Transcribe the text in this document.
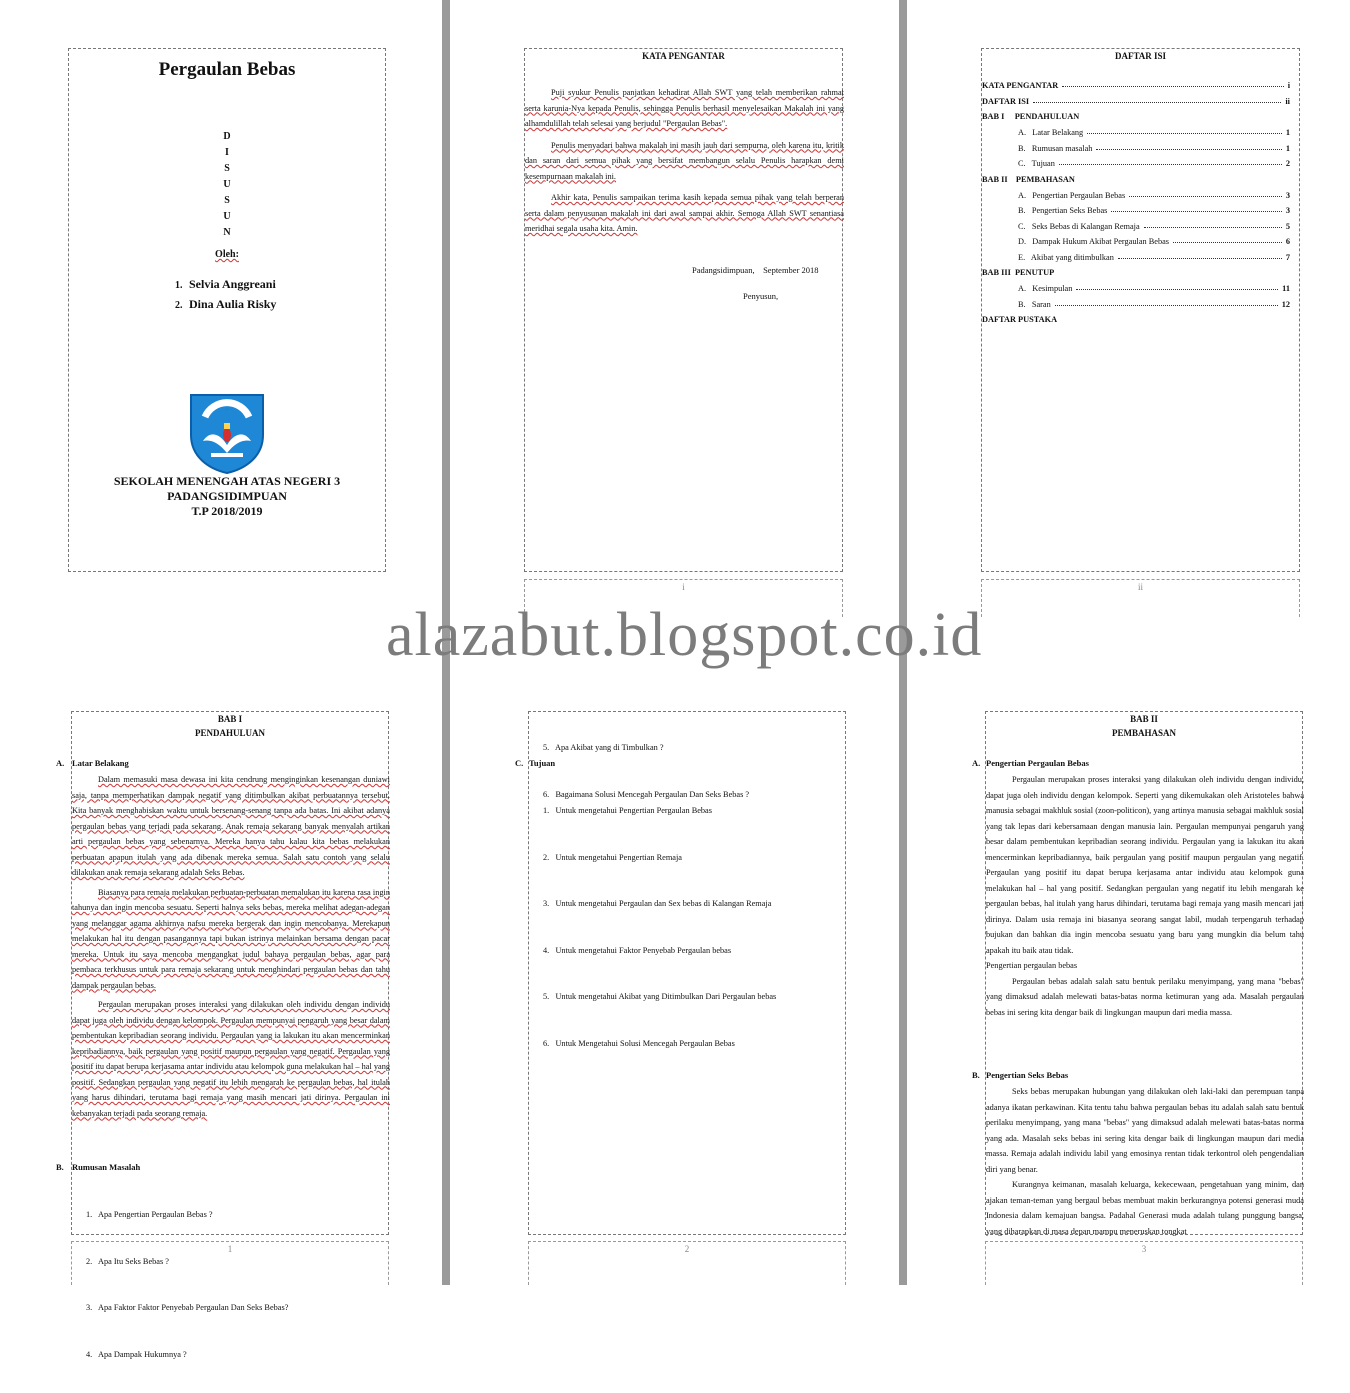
Pergaulan Bebas
D
I
S
U
S
U
N
Oleh:
1. Selvia Anggreani
2. Dina Aulia Risky
·
SEKOLAH MENENGAH ATAS NEGERI 3
PADANGSIDIMPUAN
T.P 2018/2019
KATA PENGANTAR

Puji syukur Penulis panjatkan kehadirat Allah SWT yang telah memberikan rahmat serta karunia-Nya kepada Penulis, sehingga Penulis berhasil menyelesaikan Makalah ini yang alhamdulillah telah selesai yang berjudul "Pergaulan Bebas".

Penulis menyadari bahwa makalah ini masih jauh dari sempurna, oleh karena itu, kritik dan saran dari semua pihak yang bersifat membangun selalu Penulis harapkan demi kesempurnaan makalah ini.

Akhir kata, Penulis sampaikan terima kasih kepada semua pihak yang telah berperan serta dalam penyusunan makalah ini dari awal sampai akhir. Semoga Allah SWT senantiasa meridhai segala usaha kita. Amin.

Padangsidimpuan,    September 2018
Penyusun,
i
DAFTAR ISI
KATA PENGANTAR	i
DAFTAR ISI	ii
BAB I     PENDAHULUAN
A.   Latar Belakang	1
B.   Rumusan masalah	1
C.   Tujuan	2
BAB II    PEMBAHASAN
A.   Pengertian Pergaulan Bebas	3
B.   Pengertian Seks Bebas	3
C.   Seks Bebas di Kalangan Remaja	5
D.   Dampak Hukum Akibat Pergaulan Bebas	6
E.   Akibat yang ditimbulkan	7
BAB III  PENUTUP
A.   Kesimpulan	11
B.   Saran	12
DAFTAR PUSTAKA
ii
alazabut.blogspot.co.id
BAB I
PENDAHULUAN
A. Latar Belakang

Dalam memasuki masa dewasa ini kita cendrung menginginkan kesenangan duniawi saja, tanpa memperhatikan dampak negatif yang ditimbulkan akibat perbuatannya tersebut. Kita banyak menghabiskan waktu untuk bersenang-senang tanpa ada batas. Ini akibat adanya pergaulan bebas yang terjadi pada sekarang. Anak remaja sekarang banyak menyalah artikan arti pergaulan bebas yang sebenarnya. Mereka hanya tahu kalau kita bebas melakukan perbuatan apapun itulah yang ada dibenak mereka semua. Salah satu contoh yang selalu dilakukan anak remaja sekarang adalah Seks Bebas.

Biasanya para remaja melakukan perbuatan-perbuatan memalukan itu karena rasa ingin tahunya dan ingin mencoba sesuatu. Seperti halnya seks bebas, mereka melihat adegan-adegan yang melanggar agama akhirnya nafsu mereka bergerak dan ingin mencobanya. Merekapun melakukan hal itu dengan pasangannya tapi bukan istrinya melainkan bersama dengan pacar mereka. Untuk itu saya mencoba mengangkat judul bahaya pergaulan bebas, agar para pembaca terkhusus untuk para remaja sekarang untuk menghindari pergaulan bebas dan tahu dampak pergaulan bebas.

Pergaulan merupakan proses interaksi yang dilakukan oleh individu dengan individu dapat juga oleh individu dengan kelompok. Pergaulan mempunyai pengaruh yang besar dalam pembentukan kepribadian seorang individu. Pergaulan yang ia lakukan itu akan mencerminkan kepribadiannya, baik pergaulan yang positif maupun pergaulan yang negatif. Pergaulan yang positif itu dapat berupa kerjasama antar individu atau kelompok guna melakukan hal – hal yang positif. Sedangkan pergaulan yang negatif itu lebih mengarah ke pergaulan bebas, hal itulah yang harus dihindari, terutama bagi remaja yang masih mencari jati dirinya. Pergaulan ini kebanyakan terjadi pada seorang remaja.

B. Rumusan Masalah

1.   Apa Pengertian Pergaulan Bebas ?

2.   Apa Itu Seks Bebas ?

3.   Apa Faktor Faktor Penyebab Pergaulan Dan Seks Bebas?

4.   Apa Dampak Hukumnya ?

1

5.   Apa Akibat yang di Timbulkan ?

6.   Bagaimana Solusi Mencegah Pergaulan Dan Seks Bebas ?

C. Tujuan

1.   Untuk mengetahui Pengertian Pergaulan Bebas

2.   Untuk mengetahui Pengertian Remaja

3.   Untuk mengetahui Pergaulan dan Sex bebas di Kalangan Remaja

4.   Untuk mengetahui Faktor Penyebab Pergaulan bebas

5.   Untuk mengetahui Akibat yang Ditimbulkan Dari Pergaulan bebas

6.   Untuk Mengetahui Solusi Mencegah Pergaulan Bebas

2
BAB II
PEMBAHASAN
A. Pengertian Pergaulan Bebas

Pergaulan merupakan proses interaksi yang dilakukan oleh individu dengan individu, dapat juga oleh individu dengan kelompok. Seperti yang dikemukakan oleh Aristoteles bahwa manusia sebagai makhluk sosial (zoon-politicon), yang artinya manusia sebagai makhluk sosial yang tak lepas dari kebersamaan dengan manusia lain. Pergaulan mempunyai pengaruh yang besar dalam pembentukan kepribadian seorang individu. Pergaulan yang ia lakukan itu akan mencerminkan kepribadiannya, baik pergaulan yang positif maupun pergaulan yang negatif. Pergaulan yang positif itu dapat berupa kerjasama antar individu atau kelompok guna melakukan hal – hal yang positif. Sedangkan pergaulan yang negatif itu lebih mengarah ke pergaulan bebas, hal itulah yang harus dihindari, terutama bagi remaja yang masih mencari jati dirinya. Dalam usia remaja ini biasanya seorang sangat labil, mudah terpengaruh terhadap bujukan dan bahkan dia ingin mencoba sesuatu yang baru yang mungkin dia belum tahu apakah itu baik atau tidak.

Pengertian pergaulan bebas

Pergaulan bebas adalah salah satu bentuk perilaku menyimpang, yang mana "bebas" yang dimaksud adalah melewati batas-batas norma ketimuran yang ada. Masalah pergaulan bebas ini sering kita dengar baik di lingkungan maupun dari media massa.

B. Pengertian Seks Bebas

Seks bebas merupakan hubungan yang dilakukan oleh laki-laki dan perempuan tanpa adanya ikatan perkawinan. Kita tentu tahu bahwa pergaulan bebas itu adalah salah satu bentuk perilaku menyimpang, yang mana "bebas" yang dimaksud adalah melewati batas-batas norma yang ada. Masalah seks bebas ini sering kita dengar baik di lingkungan maupun dari media massa. Remaja adalah individu labil yang emosinya rentan tidak terkontrol oleh pengendalian diri yang benar.

Kurangnya keimanan, masalah keluarga, kekecewaan, pengetahuan yang minim, dan ajakan teman-teman yang bergaul bebas membuat makin berkurangnya potensi generasi muda Indonesia dalam kemajuan bangsa. Padahal Generasi muda adalah tulang punggung bangsa, yang diharapkan di masa depan mampu meneruskan tongkat

3
